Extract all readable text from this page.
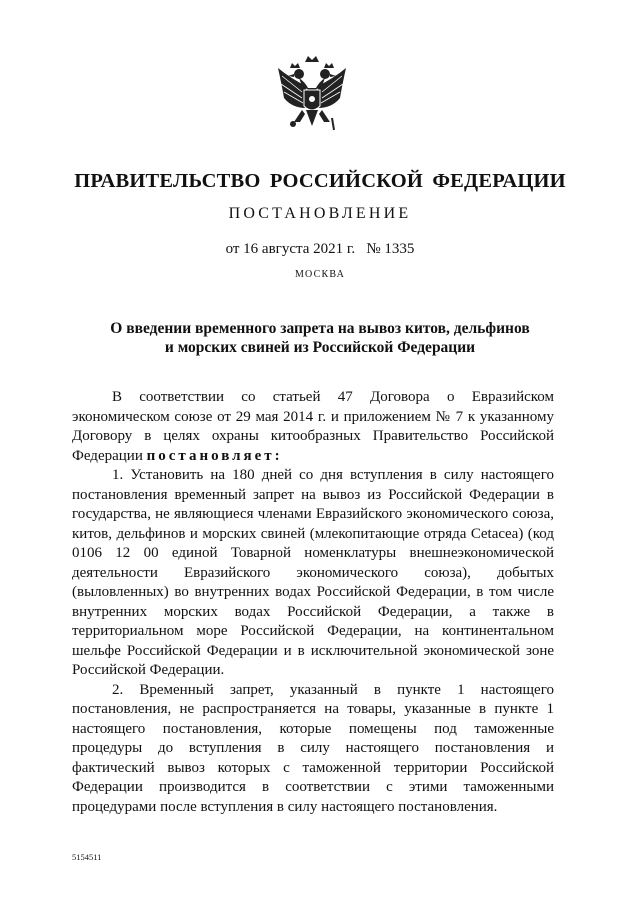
ПРАВИТЕЛЬСТВО РОССИЙСКОЙ ФЕДЕРАЦИИ
ПОСТАНОВЛЕНИЕ
от 16 августа 2021 г. № 1335
МОСКВА
О введении временного запрета на вывоз китов, дельфинов
и морских свиней из Российской Федерации

В соответствии со статьей 47 Договора о Евразийском экономическом союзе от 29 мая 2014 г. и приложением № 7 к указанному Договору в целях охраны китообразных Правительство Российской Федерации постановляет:

1. Установить на 180 дней со дня вступления в силу настоящего постановления временный запрет на вывоз из Российской Федерации в государства, не являющиеся членами Евразийского экономического союза, китов, дельфинов и морских свиней (млекопитающие отряда Cetacea) (код 0106 12 00 единой Товарной номенклатуры внешнеэкономической деятельности Евразийского экономического союза), добытых (выловленных) во внутренних водах Российской Федерации, в том числе внутренних морских водах Российской Федерации, а также в территориальном море Российской Федерации, на континентальном шельфе Российской Федерации и в исключительной экономической зоне Российской Федерации.

2. Временный запрет, указанный в пункте 1 настоящего постановления, не распространяется на товары, указанные в пункте 1 настоящего постановления, которые помещены под таможенные процедуры до вступления в силу настоящего постановления и фактический вывоз которых с таможенной территории Российской Федерации производится в соответствии с этими таможенными процедурами после вступления в силу настоящего постановления.

5154511
